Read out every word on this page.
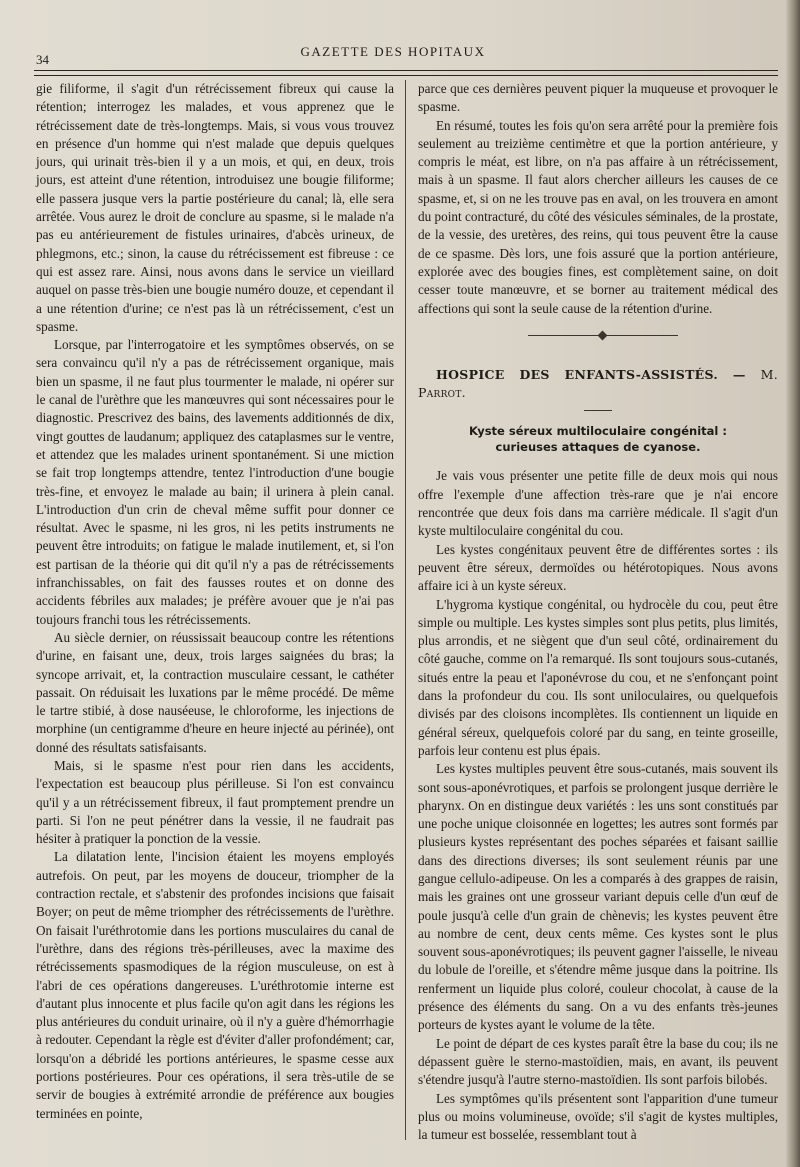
34
GAZETTE DES HOPITAUX

gie filiforme, il s'agit d'un rétrécissement fibreux qui cause la rétention; interrogez les malades, et vous apprenez que le rétrécissement date de très-longtemps. Mais, si vous vous trouvez en présence d'un homme qui n'est malade que depuis quelques jours, qui urinait très-bien il y a un mois, et qui, en deux, trois jours, est atteint d'une rétention, introduisez une bougie filiforme; elle passera jusque vers la partie postérieure du canal; là, elle sera arrêtée. Vous aurez le droit de conclure au spasme, si le malade n'a pas eu antérieurement de fistules urinaires, d'abcès urineux, de phlegmons, etc.; sinon, la cause du rétrécissement est fibreuse : ce qui est assez rare. Ainsi, nous avons dans le service un vieillard auquel on passe très-bien une bougie numéro douze, et cependant il a une rétention d'urine; ce n'est pas là un rétrécissement, c'est un spasme.

Lorsque, par l'interrogatoire et les symptômes observés, on se sera convaincu qu'il n'y a pas de rétrécissement organique, mais bien un spasme, il ne faut plus tourmenter le malade, ni opérer sur le canal de l'urèthre que les manœuvres qui sont nécessaires pour le diagnostic. Prescrivez des bains, des lavements additionnés de dix, vingt gouttes de laudanum; appliquez des cataplasmes sur le ventre, et attendez que les malades urinent spontanément. Si une miction se fait trop longtemps attendre, tentez l'introduction d'une bougie très-fine, et envoyez le malade au bain; il urinera à plein canal. L'introduction d'un crin de cheval même suffit pour donner ce résultat. Avec le spasme, ni les gros, ni les petits instruments ne peuvent être introduits; on fatigue le malade inutilement, et, si l'on est partisan de la théorie qui dit qu'il n'y a pas de rétrécissements infranchissables, on fait des fausses routes et on donne des accidents fébriles aux malades; je préfère avouer que je n'ai pas toujours franchi tous les rétrécissements.

Au siècle dernier, on réussissait beaucoup contre les rétentions d'urine, en faisant une, deux, trois larges saignées du bras; la syncope arrivait, et, la contraction musculaire cessant, le cathéter passait. On réduisait les luxations par le même procédé. De même le tartre stibié, à dose nauséeuse, le chloroforme, les injections de morphine (un centigramme d'heure en heure injecté au périnée), ont donné des résultats satisfaisants.

Mais, si le spasme n'est pour rien dans les accidents, l'expectation est beaucoup plus périlleuse. Si l'on est convaincu qu'il y a un rétrécissement fibreux, il faut promptement prendre un parti. Si l'on ne peut pénétrer dans la vessie, il ne faudrait pas hésiter à pratiquer la ponction de la vessie.

La dilatation lente, l'incision étaient les moyens employés autrefois. On peut, par les moyens de douceur, triompher de la contraction rectale, et s'abstenir des profondes incisions que faisait Boyer; on peut de même triompher des rétrécissements de l'urèthre. On faisait l'uréthrotomie dans les portions musculaires du canal de l'urèthre, dans des régions très-périlleuses, avec la maxime des rétrécissements spasmodiques de la région musculeuse, on est à l'abri de ces opérations dangereuses. L'uréthrotomie interne est d'autant plus innocente et plus facile qu'on agit dans les régions les plus antérieures du conduit urinaire, où il n'y a guère d'hémorrhagie à redouter. Cependant la règle est d'éviter d'aller profondément; car, lorsqu'on a débridé les portions antérieures, le spasme cesse aux portions postérieures. Pour ces opérations, il sera très-utile de se servir de bougies à extrémité arrondie de préférence aux bougies terminées en pointe,

parce que ces dernières peuvent piquer la muqueuse et provoquer le spasme.

En résumé, toutes les fois qu'on sera arrêté pour la première fois seulement au treizième centimètre et que la portion antérieure, y compris le méat, est libre, on n'a pas affaire à un rétrécissement, mais à un spasme. Il faut alors chercher ailleurs les causes de ce spasme, et, si on ne les trouve pas en aval, on les trouvera en amont du point contracturé, du côté des vésicules séminales, de la prostate, de la vessie, des uretères, des reins, qui tous peuvent être la cause de ce spasme. Dès lors, une fois assuré que la portion antérieure, explorée avec des bougies fines, est complètement saine, on doit cesser toute manœuvre, et se borner au traitement médical des affections qui sont la seule cause de la rétention d'urine.

HOSPICE DES ENFANTS-ASSISTÉS. — M. Parrot.

Kyste séreux multiloculaire congénital :
curieuses attaques de cyanose.

Je vais vous présenter une petite fille de deux mois qui nous offre l'exemple d'une affection très-rare que je n'ai encore rencontrée que deux fois dans ma carrière médicale. Il s'agit d'un kyste multiloculaire congénital du cou.

Les kystes congénitaux peuvent être de différentes sortes : ils peuvent être séreux, dermoïdes ou hétérotopiques. Nous avons affaire ici à un kyste séreux.

L'hygroma kystique congénital, ou hydrocèle du cou, peut être simple ou multiple. Les kystes simples sont plus petits, plus limités, plus arrondis, et ne siègent que d'un seul côté, ordinairement du côté gauche, comme on l'a remarqué. Ils sont toujours sous-cutanés, situés entre la peau et l'aponévrose du cou, et ne s'enfonçant point dans la profondeur du cou. Ils sont uniloculaires, ou quelquefois divisés par des cloisons incomplètes. Ils contiennent un liquide en général séreux, quelquefois coloré par du sang, en teinte groseille, parfois leur contenu est plus épais.

Les kystes multiples peuvent être sous-cutanés, mais souvent ils sont sous-aponévrotiques, et parfois se prolongent jusque derrière le pharynx. On en distingue deux variétés : les uns sont constitués par une poche unique cloisonnée en logettes; les autres sont formés par plusieurs kystes représentant des poches séparées et faisant saillie dans des directions diverses; ils sont seulement réunis par une gangue cellulo-adipeuse. On les a comparés à des grappes de raisin, mais les graines ont une grosseur variant depuis celle d'un œuf de poule jusqu'à celle d'un grain de chènevis; les kystes peuvent être au nombre de cent, deux cents même. Ces kystes sont le plus souvent sous-aponévrotiques; ils peuvent gagner l'aisselle, le niveau du lobule de l'oreille, et s'étendre même jusque dans la poitrine. Ils renferment un liquide plus coloré, couleur chocolat, à cause de la présence des éléments du sang. On a vu des enfants très-jeunes porteurs de kystes ayant le volume de la tête.

Le point de départ de ces kystes paraît être la base du cou; ils ne dépassent guère le sterno-mastoïdien, mais, en avant, ils peuvent s'étendre jusqu'à l'autre sterno-mastoïdien. Ils sont parfois bilobés.

Les symptômes qu'ils présentent sont l'apparition d'une tumeur plus ou moins volumineuse, ovoïde; s'il s'agit de kystes multiples, la tumeur est bosselée, ressemblant tout à
